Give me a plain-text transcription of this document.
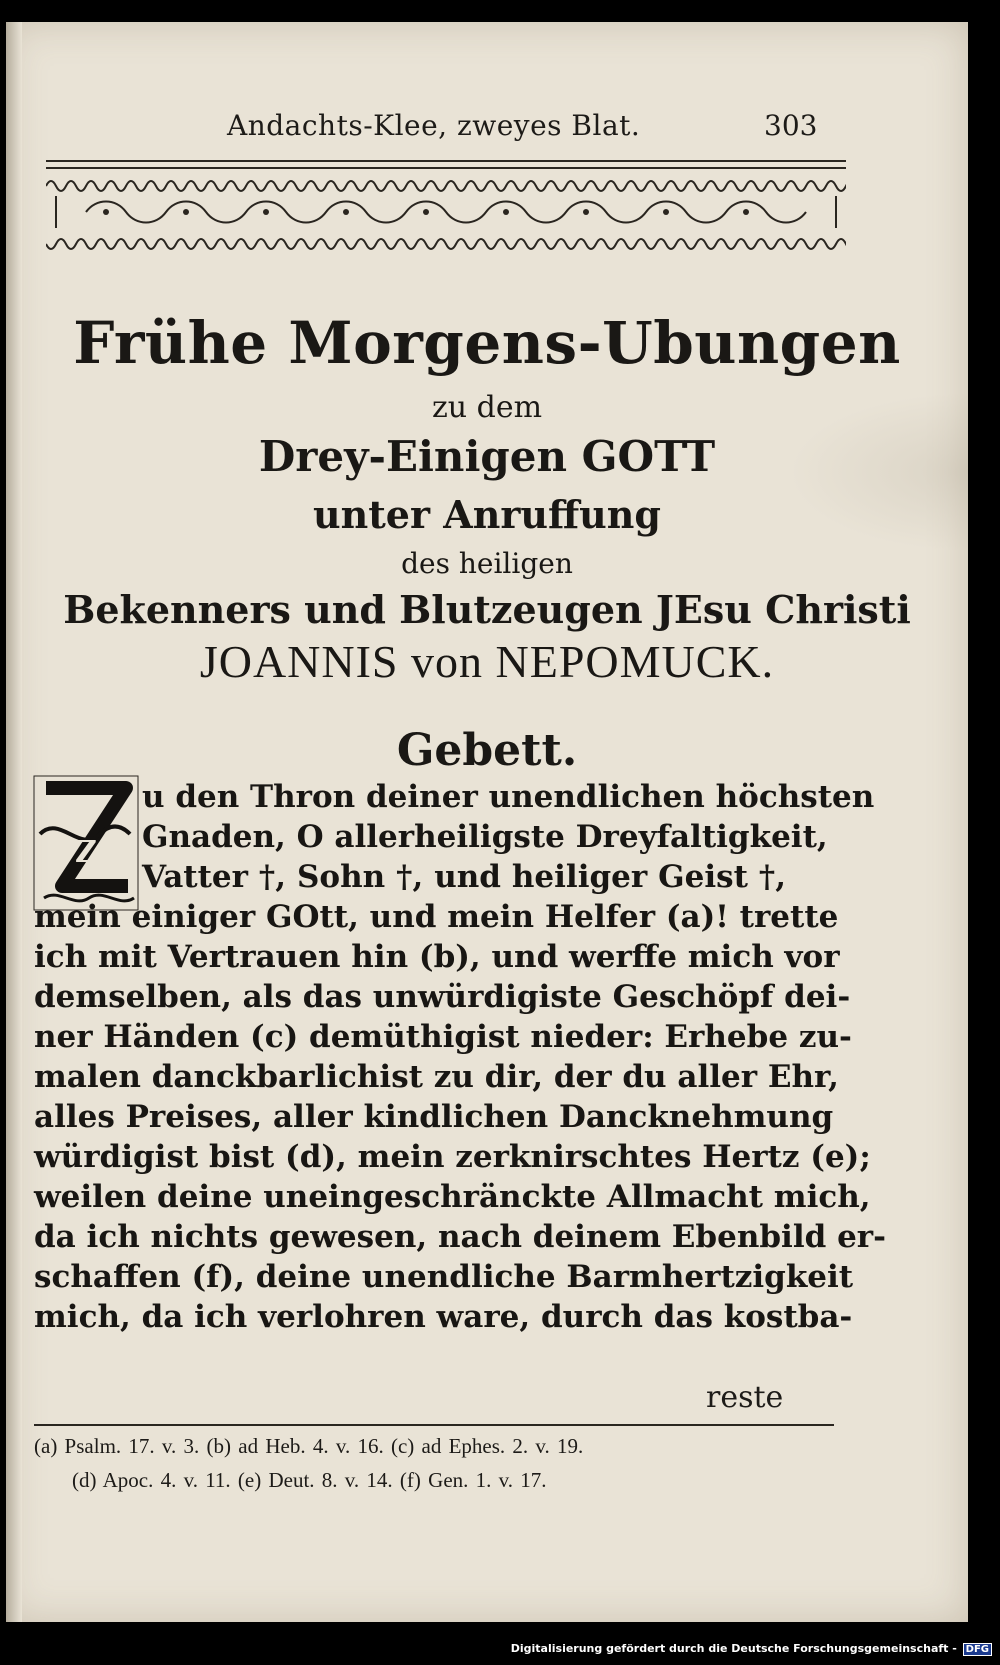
Andachts-Klee, zweyes Blat.	303
Frühe Morgens-Ubungen
zu dem
Drey-Einigen GOTT
unter Anruffung
des heiligen
Bekenners und Blutzeugen JEsu Christi
JOANNIS von NEPOMUCK.
Gebett.
Z
u den Thron deiner unendlichen höchsten
Gnaden, O allerheiligste Dreyfaltigkeit,
Vatter †, Sohn †, und heiliger Geist †,
mein einiger GOtt, und mein Helfer (a)! trette
ich mit Vertrauen hin (b), und werffe mich vor
demselben, als das unwürdigiste Geschöpf dei-
ner Händen (c) demüthigist nieder: Erhebe zu-
malen danckbarlichist zu dir, der du aller Ehr,
alles Preises, aller kindlichen Dancknehmung
würdigist bist (d), mein zerknirschtes Hertz (e);
weilen deine uneingeschränckte Allmacht mich,
da ich nichts gewesen, nach deinem Ebenbild er-
schaffen (f), deine unendliche Barmhertzigkeit
mich, da ich verlohren ware, durch das kostba-
reste
(a) Psalm. 17. v. 3. (b) ad Heb. 4. v. 16. (c) ad Ephes. 2. v. 19.
(d) Apoc. 4. v. 11. (e) Deut. 8. v. 14. (f) Gen. 1. v. 17.
Digitalisierung gefördert durch die Deutsche Forschungsgemeinschaft - DFG
